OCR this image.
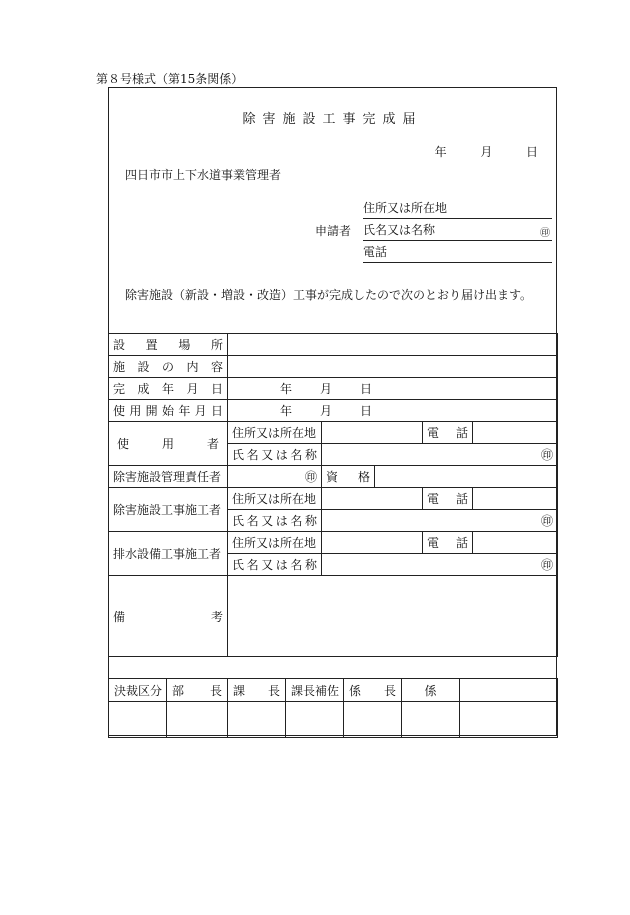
第８号様式（第15条関係）
除害施設工事完成届
年	月	日
四日市市上下水道事業管理者
申請者
住所又は所在地
氏名又は名称	㊞
電話
除害施設（新設・増設・改造）工事が完成したので次のとおり届け出ます。
設置場所					
施設の内容					
完成年月日	年 月 日				
使用開始年月日	年 月 日				
使用者	住所又は所在地			電話	
	氏名又は名称	㊞			
除害施設管理責任者	㊞	資格			
除害施設工事施工者	住所又は所在地			電話	
	氏名又は名称	㊞			
排水設備工事施工者	住所又は所在地			電話	
	氏名又は名称	㊞			
備考					
決裁区分	部長	課長	課長補佐	係長	係	
